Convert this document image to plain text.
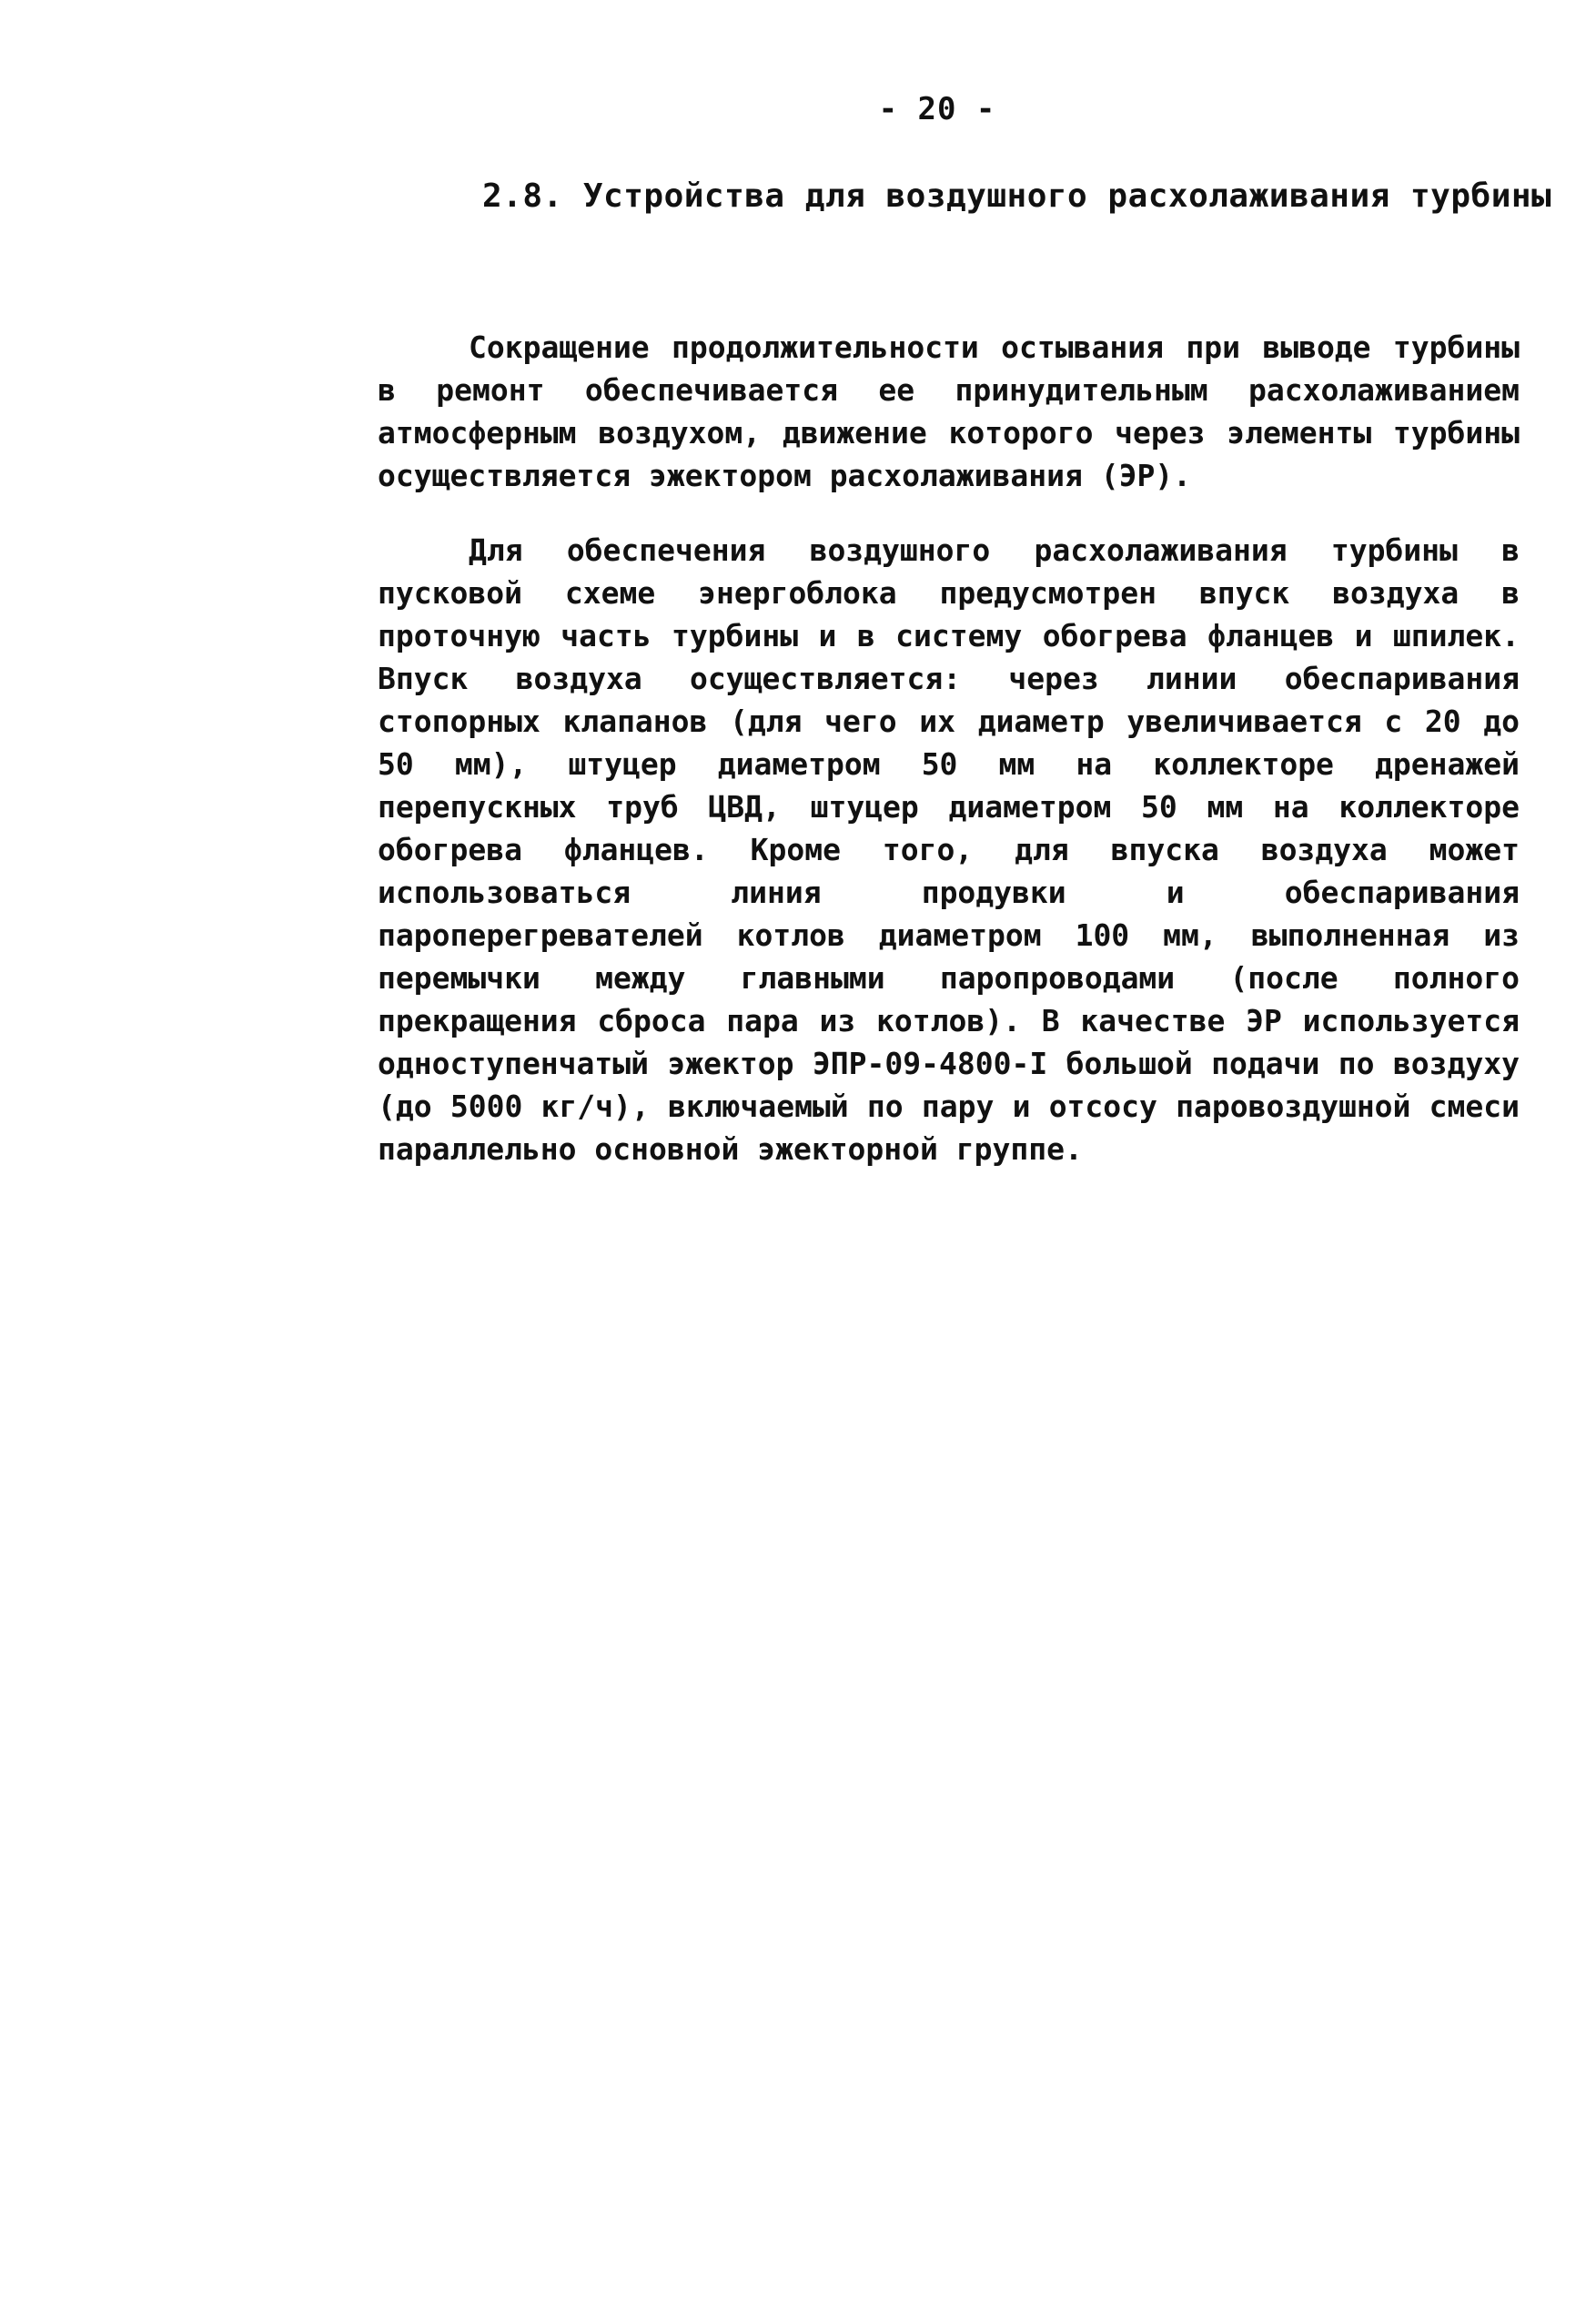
- 20 -
2.8. Устройства для воздушного расхолаживания турбины

Сокращение продолжительности остывания при выводе турбины в ремонт обеспечивается ее принудительным расхолаживанием атмосферным воздухом, движение которого через элементы турбины осуществляется эжектором расхолаживания (ЭР).

Для обеспечения воздушного расхолаживания турбины в пусковой схеме энергоблока предусмотрен впуск воздуха в проточную часть турбины и в систему обогрева фланцев и шпилек. Впуск воздуха осуществляется: через линии обеспаривания стопорных клапанов (для чего их диаметр увеличивается с 20 до 50 мм), штуцер диаметром 50 мм на коллекторе дренажей перепускных труб ЦВД, штуцер диаметром 50 мм на коллекторе обогрева фланцев. Кроме того, для впуска воздуха может использоваться линия продувки и обеспаривания пароперегревателей котлов диаметром 100 мм, выполненная из перемычки между главными паропроводами (после полного прекращения сброса пара из котлов). В качестве ЭР используется одноступенчатый эжектор ЭПР-09-4800-I большой подачи по воздуху (до 5000 кг/ч), включаемый по пару и отсосу паровоздушной смеси параллельно основной эжекторной группе.
